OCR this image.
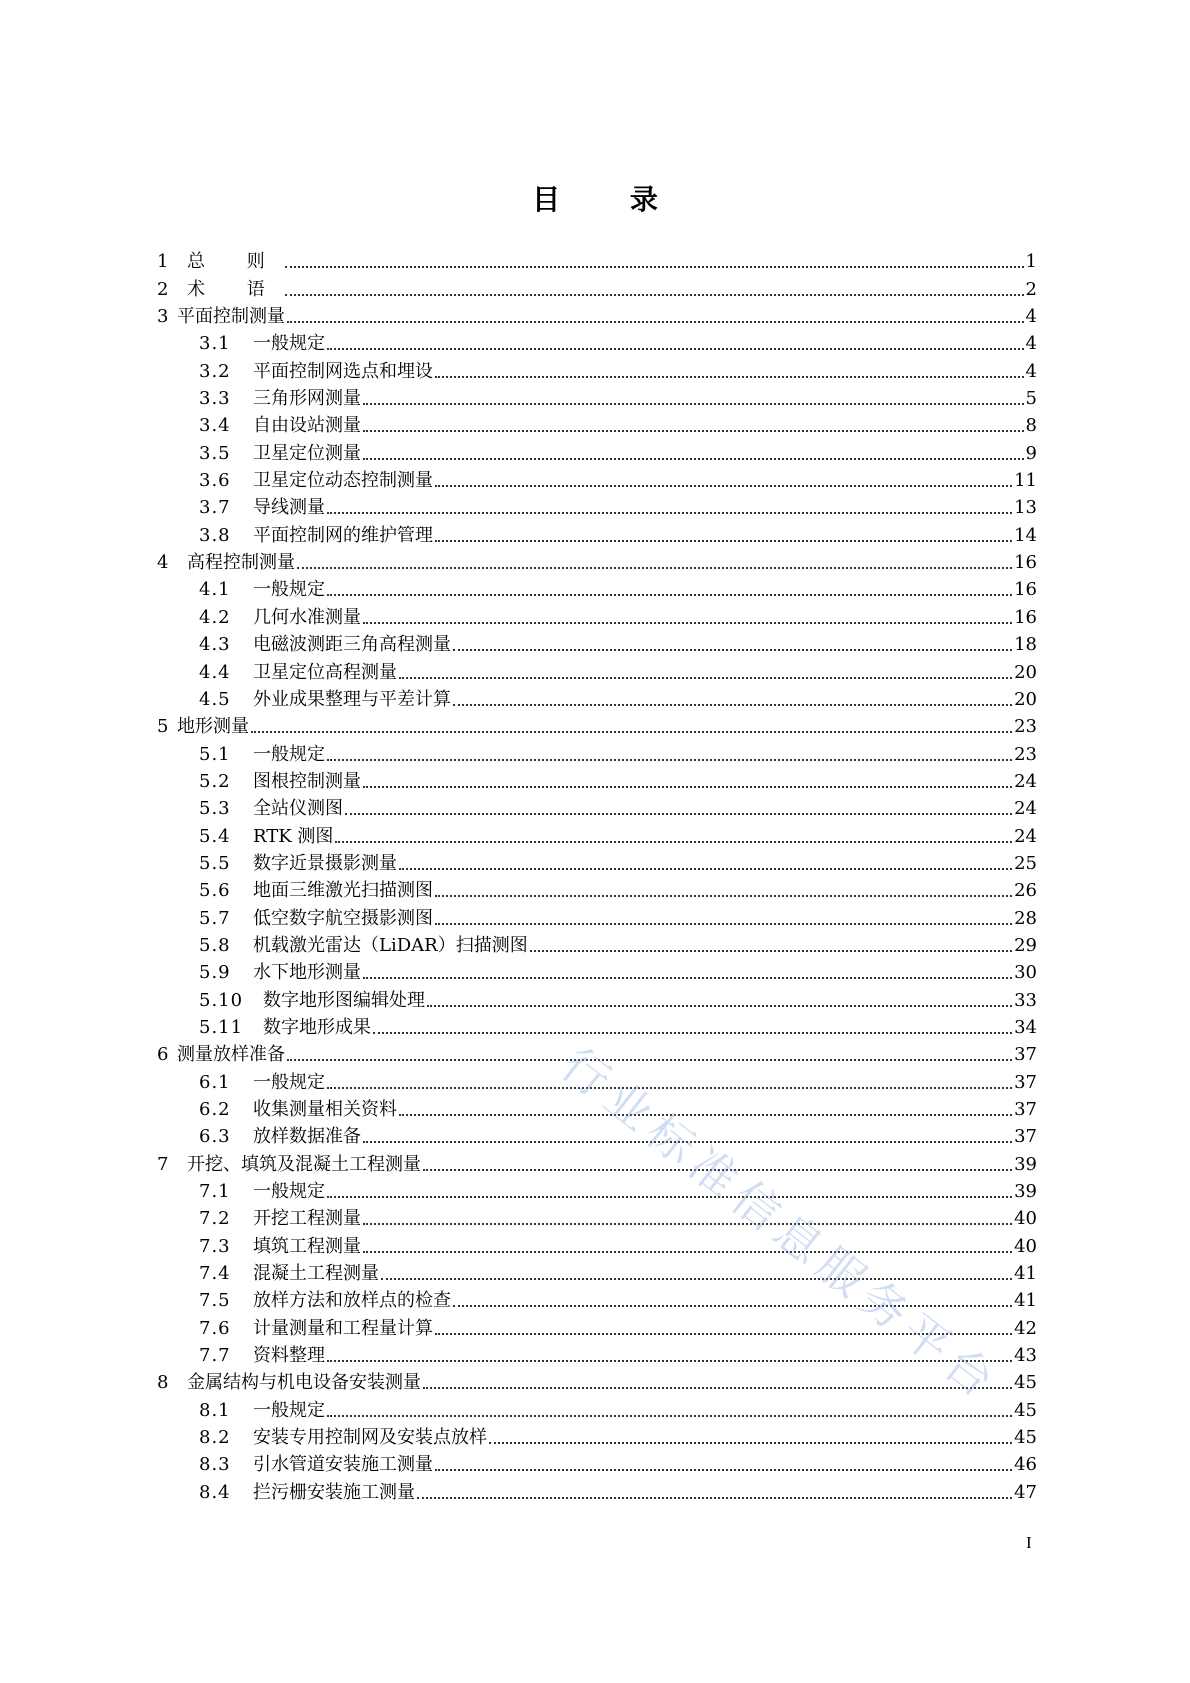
目 录
1	总 则	1
2	术 语	2
3 平面控制测量	4
3.1	一般规定	4
3.2	平面控制网选点和埋设	4
3.3	三角形网测量	5
3.4	自由设站测量	8
3.5	卫星定位测量	9
3.6	卫星定位动态控制测量	11
3.7	导线测量	13
3.8	平面控制网的维护管理	14
4	高程控制测量	16
4.1	一般规定	16
4.2	几何水准测量	16
4.3	电磁波测距三角高程测量	18
4.4	卫星定位高程测量	20
4.5	外业成果整理与平差计算	20
5 地形测量	23
5.1	一般规定	23
5.2	图根控制测量	24
5.3	全站仪测图	24
5.4	RTK 测图	24
5.5	数字近景摄影测量	25
5.6	地面三维激光扫描测图	26
5.7	低空数字航空摄影测图	28
5.8	机载激光雷达（LiDAR）扫描测图	29
5.9	水下地形测量	30
5.10	数字地形图编辑处理	33
5.11	数字地形成果	34
6 测量放样准备	37
6.1	一般规定	37
6.2	收集测量相关资料	37
6.3	放样数据准备	37
7	开挖、填筑及混凝土工程测量	39
7.1	一般规定	39
7.2	开挖工程测量	40
7.3	填筑工程测量	40
7.4	混凝土工程测量	41
7.5	放样方法和放样点的检查	41
7.6	计量测量和工程量计算	42
7.7	资料整理	43
8	金属结构与机电设备安装测量	45
8.1	一般规定	45
8.2	安装专用控制网及安装点放样	45
8.3	引水管道安装施工测量	46
8.4	拦污栅安装施工测量	47
I
行业标准信息服务平台
